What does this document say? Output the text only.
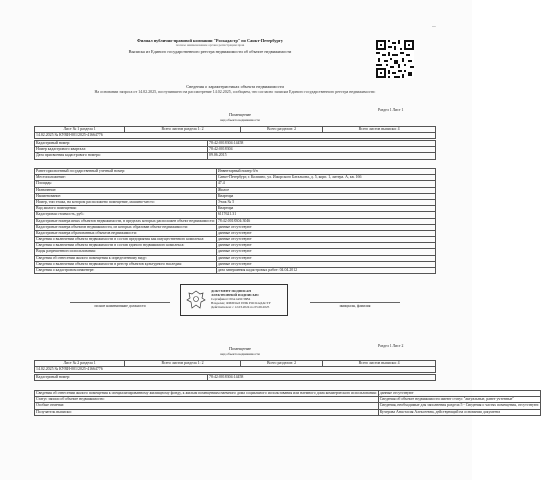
—
Филиал публично-правовой компании "Роскадастр" по Санкт-Петербургу
полное наименование органа регистрации прав
Выписка из Единого государственного реестра недвижимости об объекте недвижимости
Сведения о характеристиках объекта недвижимости
На основании запроса от 14.02.2025, поступившего на рассмотрение 14.02.2025, сообщаем, что согласно записям Единого государственного реестра недвижимости:
Раздел 1 Лист 1
Помещение
вид объекта недвижимости
Лист № 1 раздела 1	Всего листов раздела 1: 2	Всего разделов: 2	Всего листов выписки: 4
14.02.2025 № КУВИ-001/2025-41664776
Кадастровый номер:	78:42:0018304:14458
Номер кадастрового квартала:	78:42:0018304
Дата присвоения кадастрового номера:	09.06.2015
Ранее присвоенный государственный учетный номер:	Инвентарный номер б/н
Местоположение:	Санкт-Петербург, г. Колпино, ул. Ижорского Батальона, д. 5, корп. 1, литера. А, кв. 166
Площадь:	47.4
Назначение:	Жилое
Наименование:	Квартира
Номер, тип этажа, на котором расположено помещение, машино-место:	Этаж № 5
Вид жилого помещения:	Квартира
Кадастровая стоимость, руб.:	6117621.31
Кадастровые номера иных объектов недвижимости, в пределах которых расположен объект недвижимости:	78:42:0018304:3046
Кадастровые номера объектов недвижимости, из которых образован объект недвижимости:	данные отсутствуют
Кадастровые номера образованных объектов недвижимости:	данные отсутствуют
Сведения о включении объекта недвижимости в состав предприятия как имущественного комплекса:	данные отсутствуют
Сведения о включении объекта недвижимости в состав единого недвижимого комплекса:	данные отсутствуют
Виды разрешенного использования:	данные отсутствуют
Сведения об отнесении жилого помещения к определенному виду:	данные отсутствуют
Сведения о включении объекта недвижимости в реестр объектов культурного наследия:	данные отсутствуют
Сведения о кадастровом инженере:	дата завершения кадастровых работ: 04.04.2012
полное наименование должности
ДОКУМЕНТ ПОДПИСАН
ЭЛЕКТРОННОЙ ПОДПИСЬЮ
Сертификат: 00A1A9C36B4
Владелец: ФИЛИАЛ ППК РОСКАДАСТР
Действителен: с 12.03.2024 по 05.06.2025	инициалы, фамилия
Раздел 1 Лист 2
Помещение
вид объекта недвижимости
Лист № 2 раздела 1	Всего листов раздела 1: 2	Всего разделов: 2	Всего листов выписки: 4
14.02.2025 № КУВИ-001/2025-41664776
Кадастровый номер:	78:42:0018304:14458
Сведения об отнесении жилого помещения к специализированному жилищному фонду, к жилым помещениям наемного дома социального использования или наемного дома коммерческого использования:	данные отсутствуют
Статус записи об объекте недвижимости:	Сведения об объекте недвижимости имеют статус "актуальные, ранее учтенные"
Особые отметки:	Сведения, необходимые для заполнения раздела 5 - Сведения о частях помещения, отсутствуют.
Получатель выписки:	Кучерова Анастасия Алексеевна, действующий на основании документа
